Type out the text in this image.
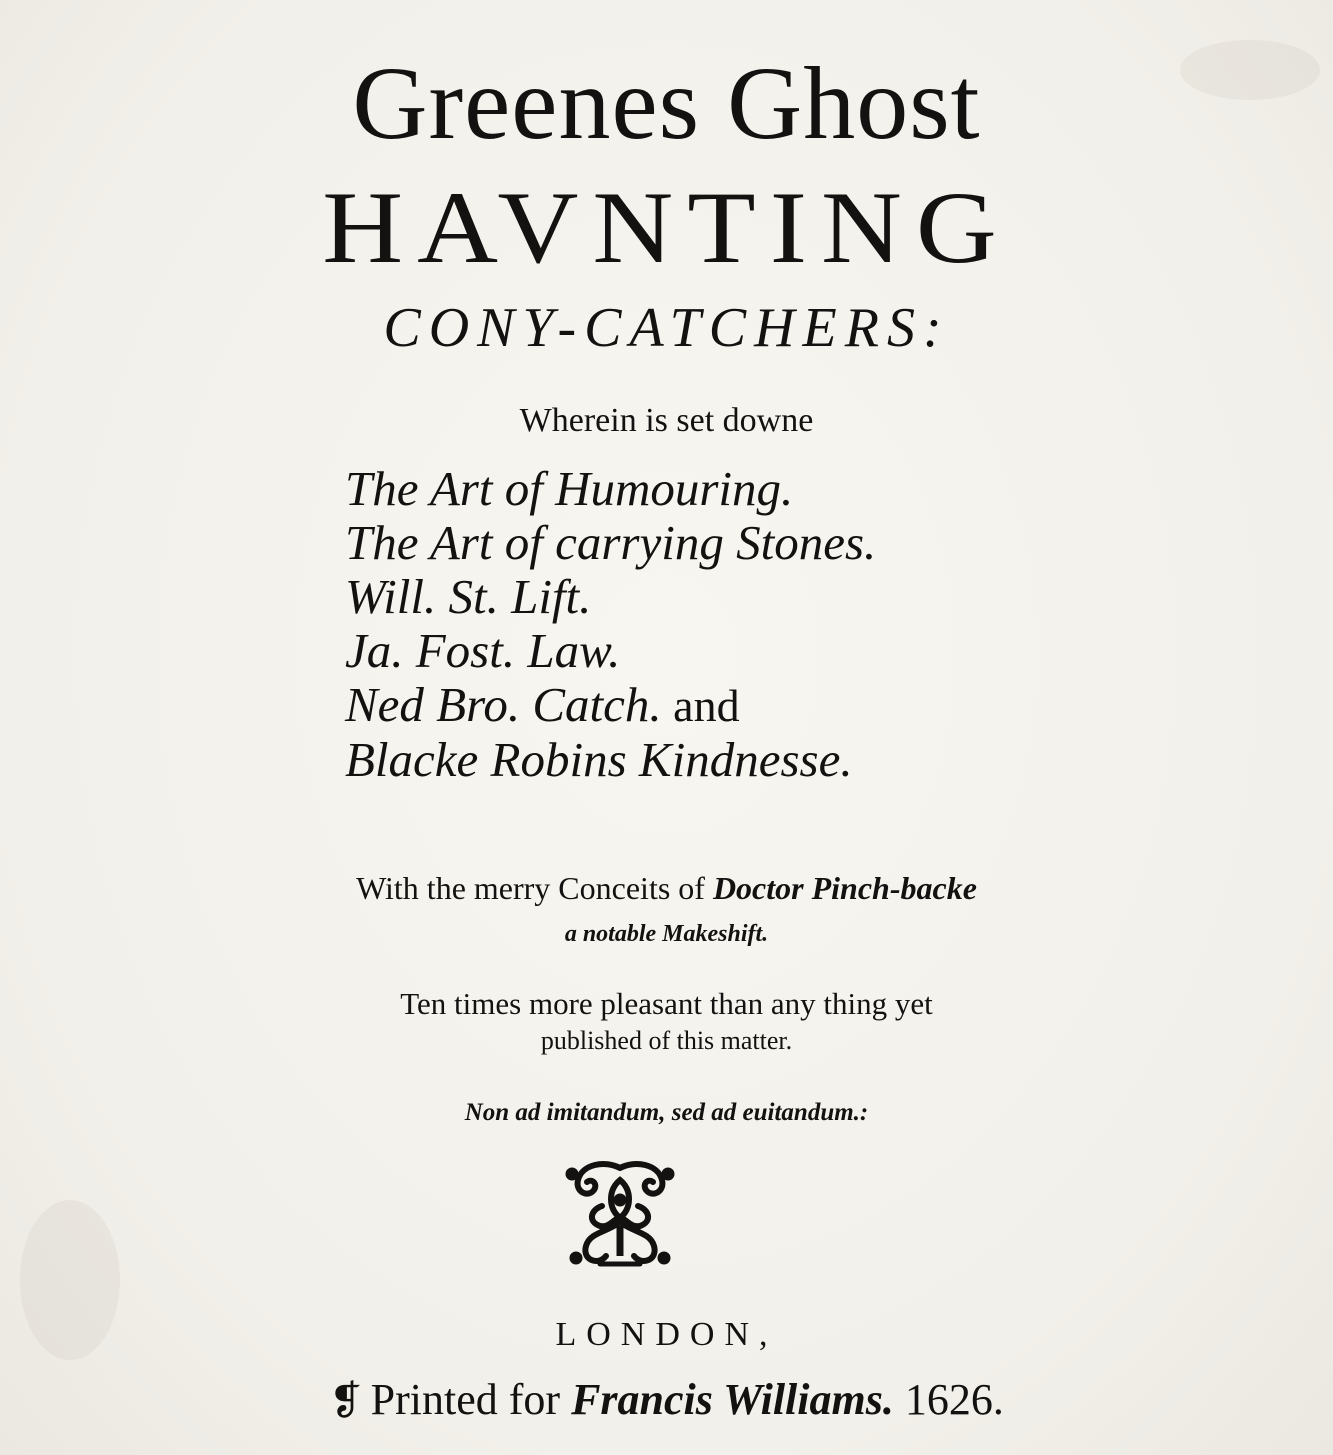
Greenes Ghost
HAVNTING
CONY-CATCHERS:
Wherein is set downe
The Art of Humouring.
The Art of carrying Stones.
Will. St. Lift.
Ja. Fost. Law.
Ned Bro. Catch. and
Blacke Robins Kindnesse.
With the merry Conceits of Doctor Pinch-backe
a notable Makeshift.
Ten times more pleasant than any thing yet
published of this matter.
Non ad imitandum, sed ad euitandum.:
LONDON,
❡ Printed for Francis Williams. 1626.
